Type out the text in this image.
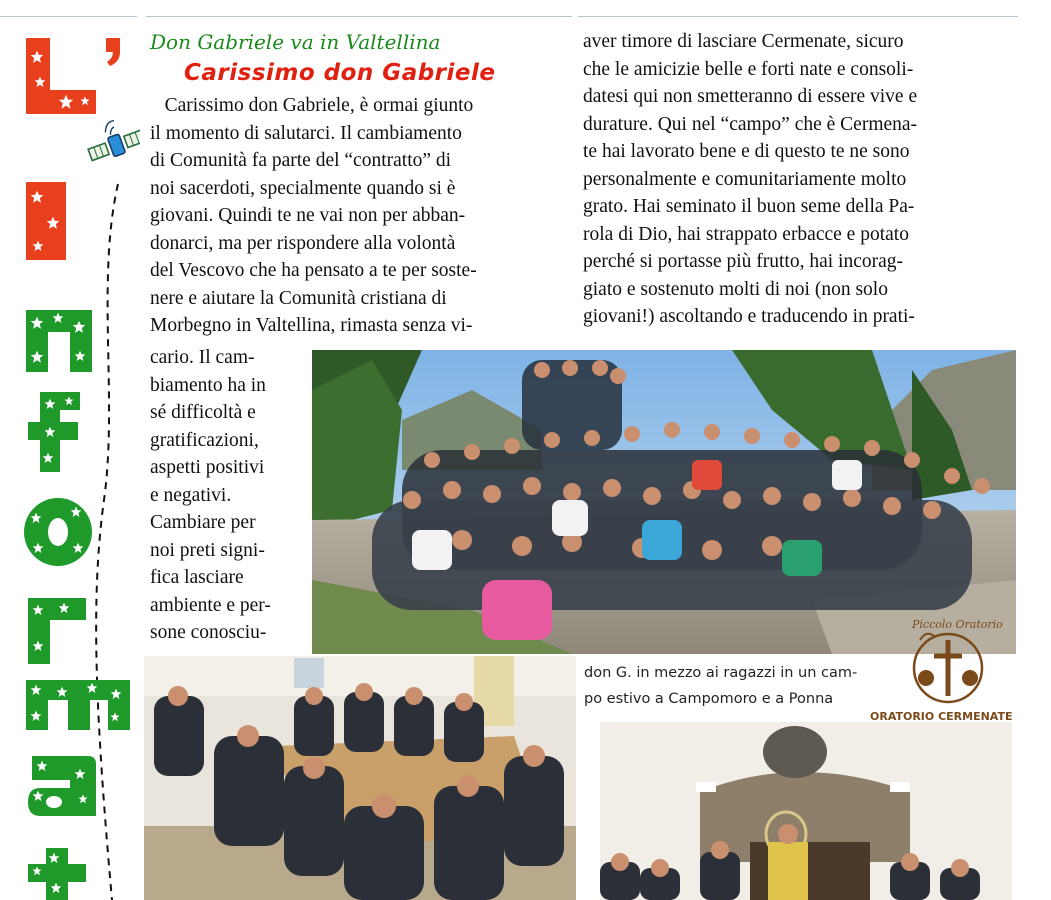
Don Gabriele va in Valtellina
Carissimo don Gabriele
Carissimo don Gabriele, è ormai giunto
il momento di salutarci. Il cambiamento
di Comunità fa parte del “contratto” di
noi sacerdoti, specialmente quando si è
giovani. Quindi te ne vai non per abban-
donarci, ma per rispondere alla volontà
del Vescovo che ha pensato a te per soste-
nere e aiutare la Comunità cristiana di
Morbegno in Valtellina, rimasta senza vi-
cario. Il cam-
biamento ha in
sé difficoltà e
gratificazioni,
aspetti positivi
e negativi.
Cambiare per
noi preti signi-
fica lasciare
ambiente e per-
sone conosciu-
aver timore di lasciare Cermenate, sicuro
che le amicizie belle e forti nate e consoli-
datesi qui non smetteranno di essere vive e
durature. Qui nel “campo” che è Cermena-
te hai lavorato bene e di questo te ne sono
personalmente e comunitariamente molto
grato. Hai seminato il buon seme della Pa-
rola di Dio, hai strappato erbacce e potato
perché si portasse più frutto, hai incorag-
giato e sostenuto molti di noi (non solo
giovani!) ascoltando e traducendo in prati-
don G. in mezzo ai ragazzi in un cam-
po estivo a Campomoro e a Ponna
Piccolo Oratorio
ORATORIO CERMENATE
